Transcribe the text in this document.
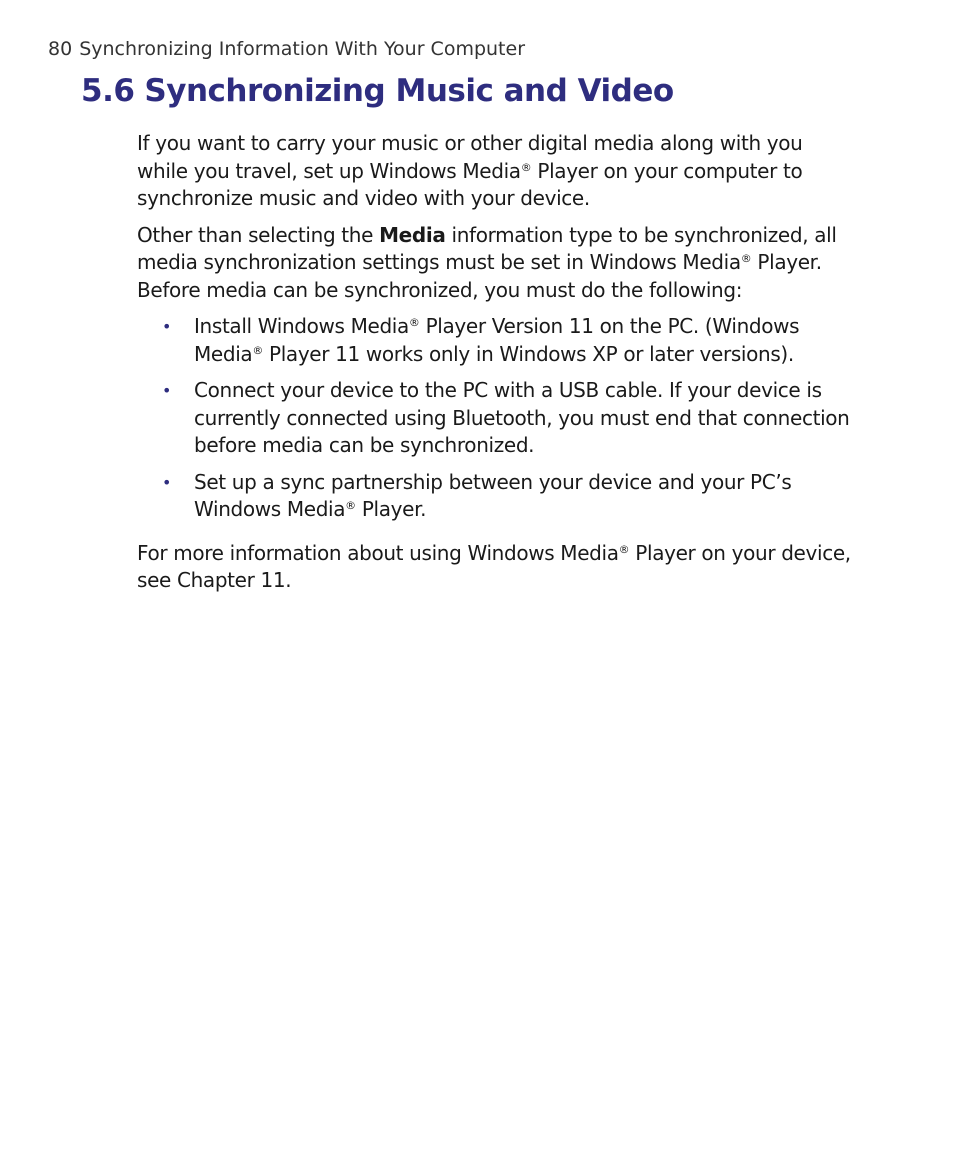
80 Synchronizing Information With Your Computer
5.6 Synchronizing Music and Video

If you want to carry your music or other digital media along with you while you travel, set up Windows Media® Player on your computer to synchronize music and video with your device.

Other than selecting the Media information type to be synchronized, all media synchronization settings must be set in Windows Media® Player. Before media can be synchronized, you must do the following:

• Install Windows Media® Player Version 11 on the PC. (Windows Media® Player 11 works only in Windows XP or later versions).
• Connect your device to the PC with a USB cable. If your device is currently connected using Bluetooth, you must end that connection before media can be synchronized.
• Set up a sync partnership between your device and your PC’s Windows Media® Player.

For more information about using Windows Media® Player on your device, see Chapter 11.
